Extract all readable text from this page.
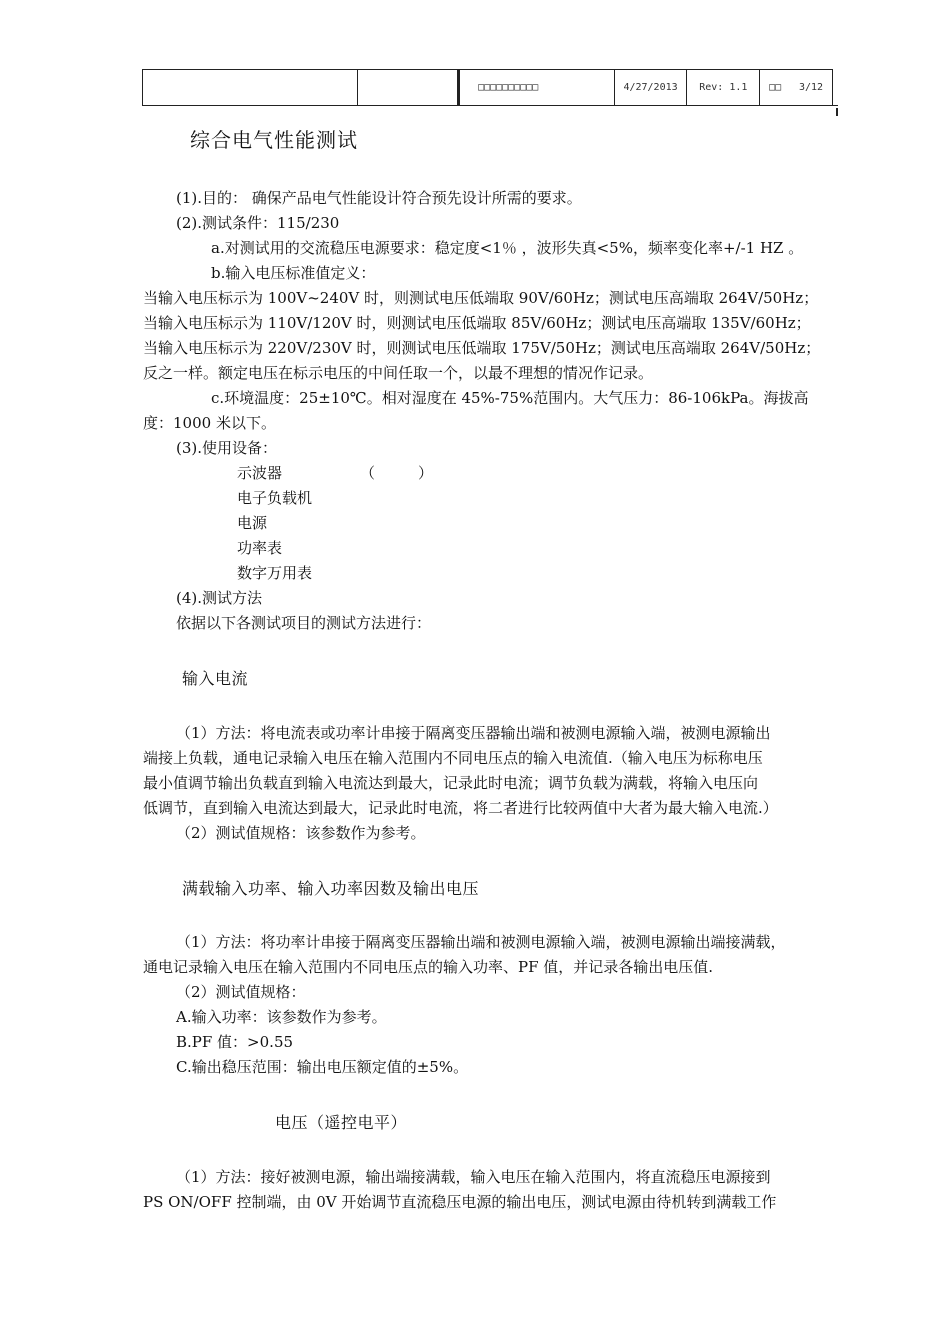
□□□□□□□□□□	4/27/2013	Rev: 1.1	□□ 3/12
综合电气性能测试
(1).目的： 确保产品电气性能设计符合预先设计所需的要求。
(2).测试条件：115/230
a.对测试用的交流稳压电源要求：稳定度<1％ ，波形失真<5%，频率变化率+/-1 HZ 。
b.输入电压标准值定义：
当输入电压标示为 100V~240V 时，则测试电压低端取 90V/60Hz；测试电压高端取 264V/50Hz；
当输入电压标示为 110V/120V 时，则测试电压低端取 85V/60Hz；测试电压高端取 135V/60Hz；
当输入电压标示为 220V/230V 时，则测试电压低端取 175V/50Hz；测试电压高端取 264V/50Hz；
反之一样。额定电压在标示电压的中间任取一个，以最不理想的情况作记录。
c.环境温度：25±10℃。相对湿度在 45%-75%范围内。大气压力：86-106kPa。海拔高
度：1000 米以下。
(3).使用设备：
示波器	（	）
电子负载机
电源
功率表
数字万用表
(4).测试方法
依据以下各测试项目的测试方法进行：
输入电流
（1）方法：将电流表或功率计串接于隔离变压器输出端和被测电源输入端，被测电源输出
端接上负载，通电记录输入电压在输入范围内不同电压点的输入电流值.（输入电压为标称电压
最小值调节输出负载直到输入电流达到最大，记录此时电流；调节负载为满载，将输入电压向
低调节，直到输入电流达到最大，记录此时电流，将二者进行比较两值中大者为最大输入电流.）
（2）测试值规格：该参数作为参考。
满载输入功率、输入功率因数及输出电压
（1）方法：将功率计串接于隔离变压器输出端和被测电源输入端，被测电源输出端接满载，
通电记录输入电压在输入范围内不同电压点的输入功率、PF 值，并记录各输出电压值.
（2）测试值规格：
A.输入功率：该参数作为参考。
B.PF 值：>0.55
C.输出稳压范围：输出电压额定值的±5%。
电压（遥控电平）
（1）方法：接好被测电源，输出端接满载，输入电压在输入范围内，将直流稳压电源接到
PS ON/OFF 控制端，由 0V 开始调节直流稳压电源的输出电压，测试电源由待机转到满载工作
